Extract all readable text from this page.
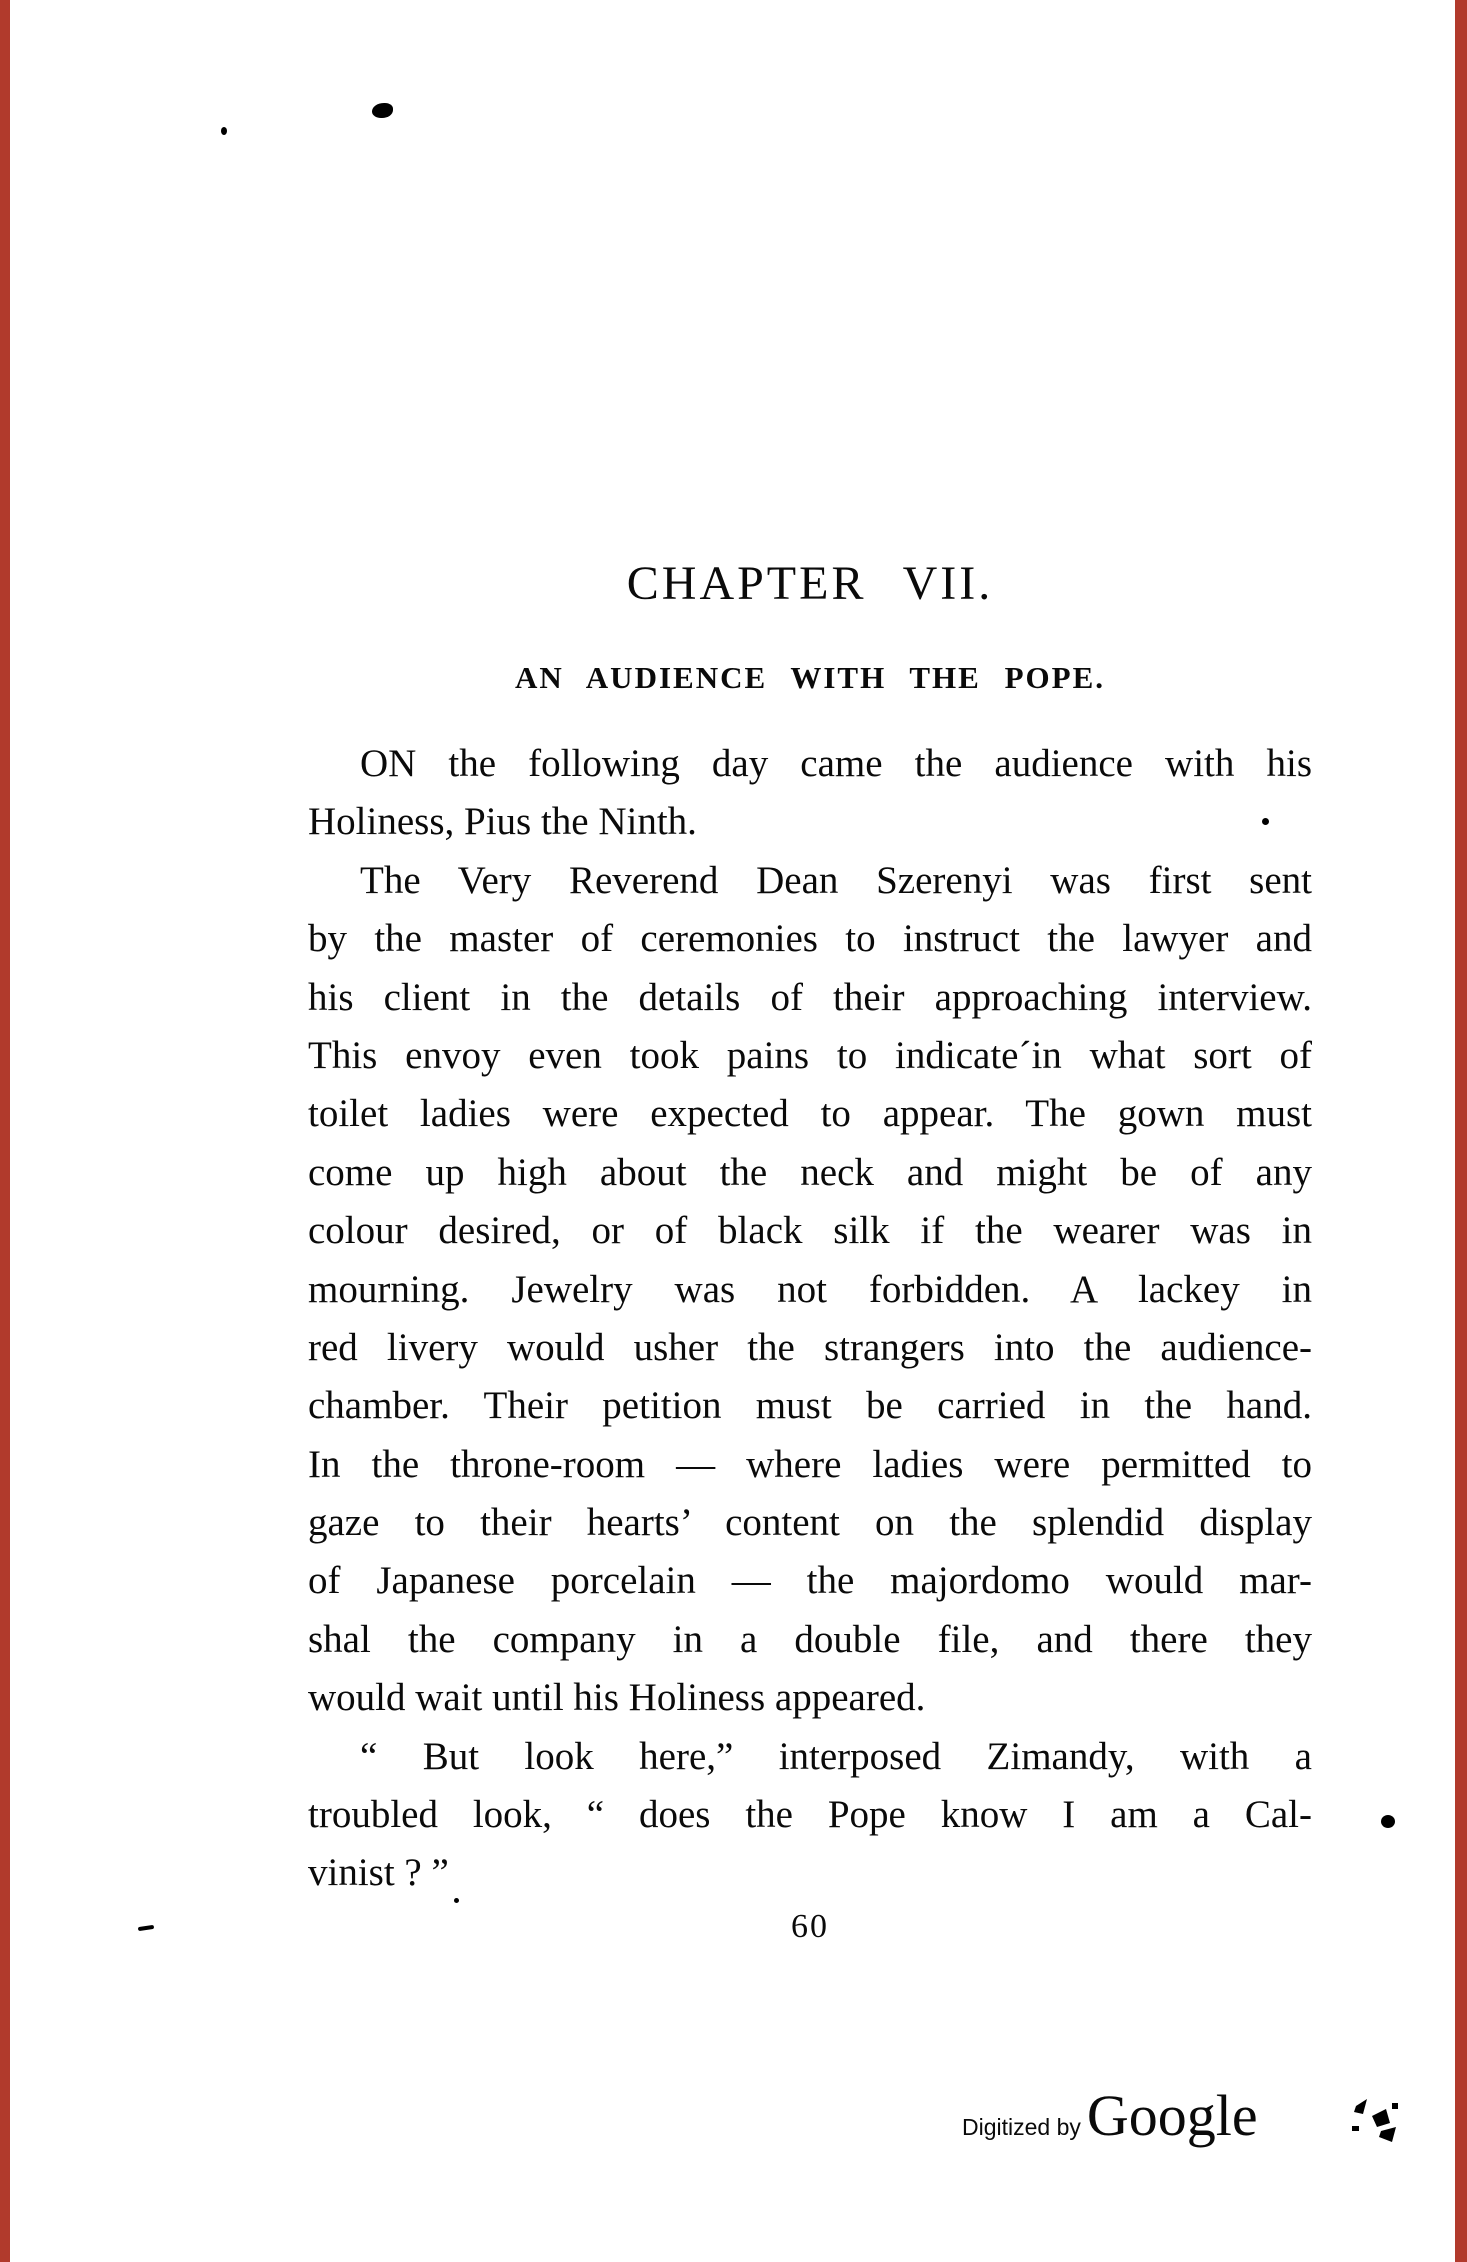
CHAPTER VII.
AN AUDIENCE WITH THE POPE.
ON the following day came the audience with his
Holiness, Pius the Ninth.
The Very Reverend Dean Szerenyi was first sent
by the master of ceremonies to instruct the lawyer and
his client in the details of their approaching interview.
This envoy even took pains to indicate´in what sort of
toilet ladies were expected to appear. The gown must
come up high about the neck and might be of any
colour desired, or of black silk if the wearer was in
mourning. Jewelry was not forbidden. A lackey in
red livery would usher the strangers into the audience-
chamber. Their petition must be carried in the hand.
In the throne-room — where ladies were permitted to
gaze to their hearts’ content on the splendid display
of Japanese porcelain — the majordomo would mar-
shal the company in a double file, and there they
would wait until his Holiness appeared.
“ But look here,” interposed Zimandy, with a
troubled look, “ does the Pope know I am a Cal-
vinist ? ”
60
Digitized by Google
